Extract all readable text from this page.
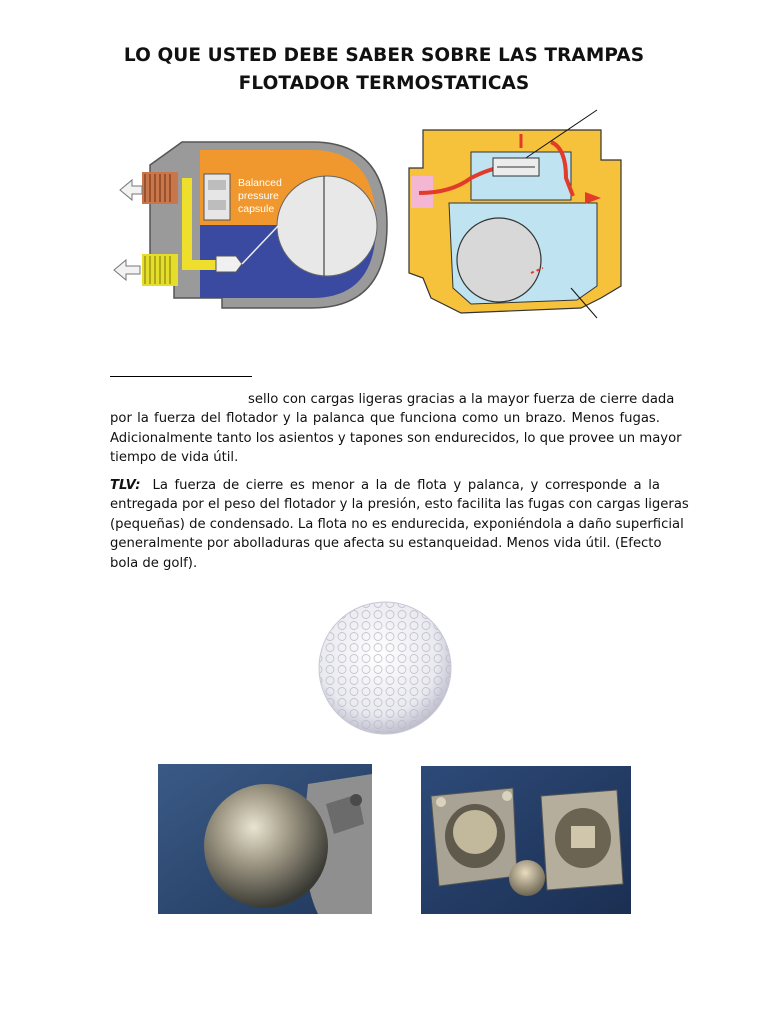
LO QUE USTED DEBE SABER SOBRE LAS TRAMPAS
FLOTADOR TERMOSTATICAS
Balanced
pressure
capsule
sello con cargas ligeras gracias a la mayor fuerza de cierre dada
por la fuerza del flotador y la palanca que funciona como un brazo. Menos fugas.
Adicionalmente tanto los asientos y tapones son endurecidos, lo que provee un mayor
tiempo de vida útil.
TLV: La fuerza de cierre es menor a la de flota y palanca, y corresponde a la
entregada por el peso del flotador y la presión, esto facilita las fugas con cargas ligeras
(pequeñas) de condensado. La flota no es endurecida, exponiéndola a daño superficial
generalmente por abolladuras que afecta su estanqueidad. Menos vida útil. (Efecto
bola de golf).
